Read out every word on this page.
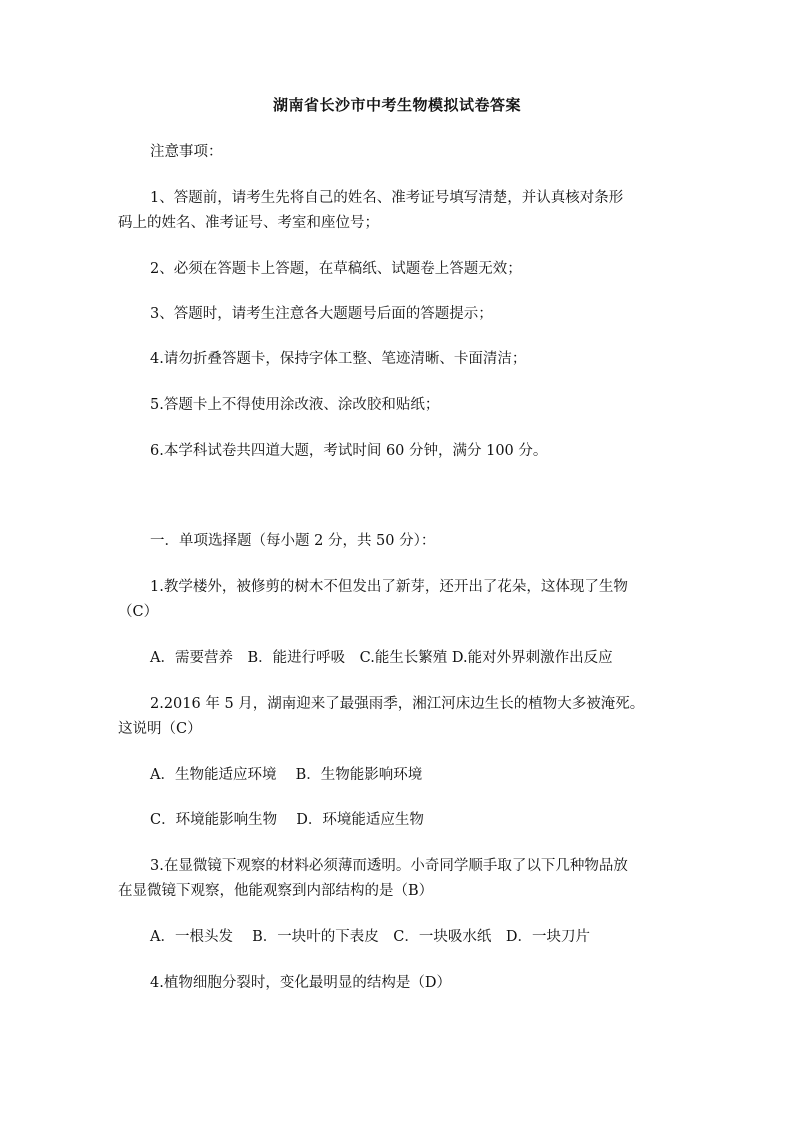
湖南省长沙市中考生物模拟试卷答案
注意事项：
1、答题前，请考生先将自己的姓名、准考证号填写清楚，并认真核对条形
码上的姓名、准考证号、考室和座位号；
2、必须在答题卡上答题，在草稿纸、试题卷上答题无效；
3、答题时，请考生注意各大题题号后面的答题提示；
4.请勿折叠答题卡，保持字体工整、笔迹清晰、卡面清洁；
5.答题卡上不得使用涂改液、涂改胶和贴纸；
6.本学科试卷共四道大题，考试时间 60 分钟，满分 100 分。
一．单项选择题（每小题 2 分，共 50 分）：
1.教学楼外，被修剪的树木不但发出了新芽，还开出了花朵，这体现了生物
（C）
A．需要营养　B．能进行呼吸　C.能生长繁殖 D.能对外界刺激作出反应
2.2016 年 5 月，湖南迎来了最强雨季，湘江河床边生长的植物大多被淹死。
这说明（C）
A．生物能适应环境　 B．生物能影响环境
C．环境能影响生物　 D．环境能适应生物
3.在显微镜下观察的材料必须薄而透明。小奇同学顺手取了以下几种物品放
在显微镜下观察，他能观察到内部结构的是（B）
A．一根头发　 B．一块叶的下表皮　C．一块吸水纸　D．一块刀片
4.植物细胞分裂时，变化最明显的结构是（D）
